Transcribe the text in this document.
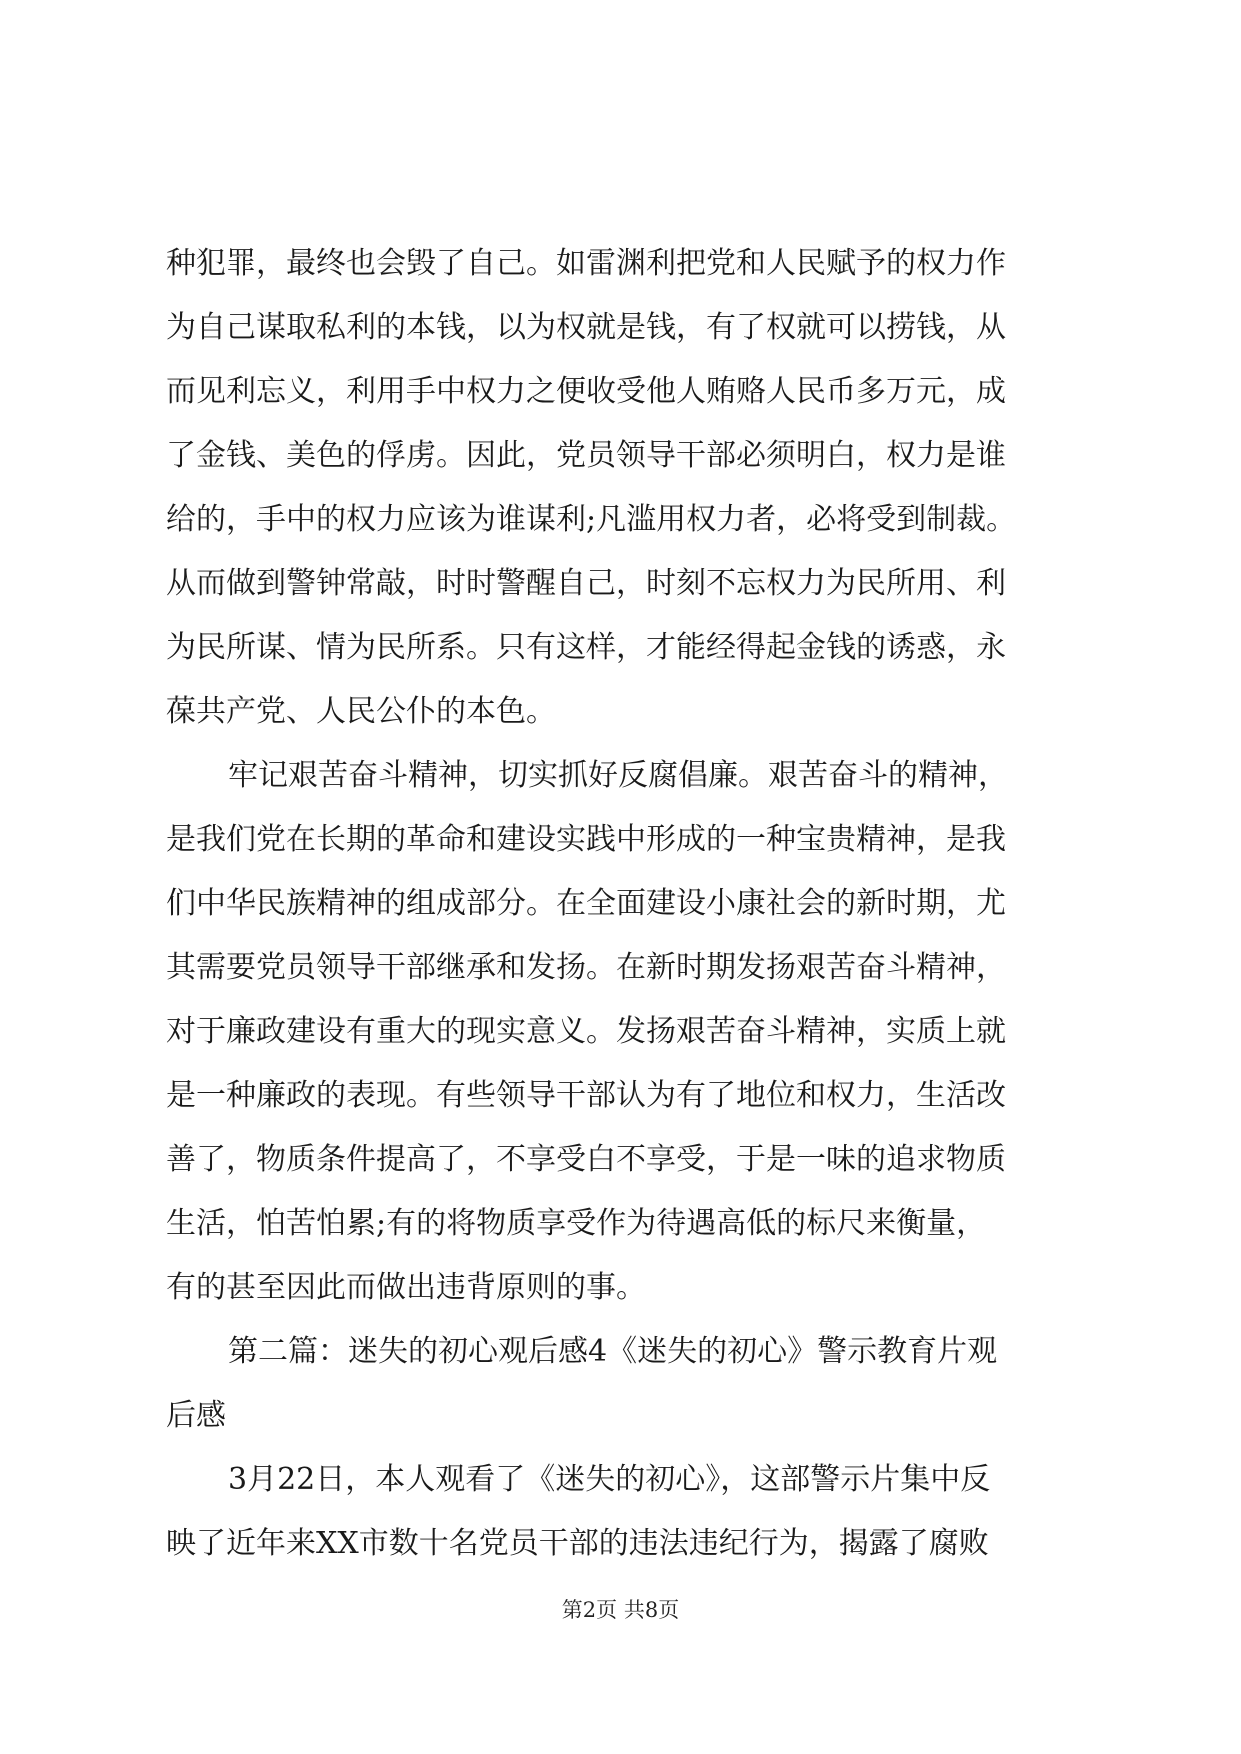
种犯罪，最终也会毁了自己。如雷渊利把党和人民赋予的权力作
为自己谋取私利的本钱，以为权就是钱，有了权就可以捞钱，从
而见利忘义，利用手中权力之便收受他人贿赂人民币多万元，成
了金钱、美色的俘虏。因此，党员领导干部必须明白，权力是谁
给的，手中的权力应该为谁谋利;凡滥用权力者，必将受到制裁。
从而做到警钟常敲，时时警醒自己，时刻不忘权力为民所用、利
为民所谋、情为民所系。只有这样，才能经得起金钱的诱惑，永
葆共产党、人民公仆的本色。
牢记艰苦奋斗精神，切实抓好反腐倡廉。艰苦奋斗的精神，
是我们党在长期的革命和建设实践中形成的一种宝贵精神，是我
们中华民族精神的组成部分。在全面建设小康社会的新时期，尤
其需要党员领导干部继承和发扬。在新时期发扬艰苦奋斗精神，
对于廉政建设有重大的现实意义。发扬艰苦奋斗精神，实质上就
是一种廉政的表现。有些领导干部认为有了地位和权力，生活改
善了，物质条件提高了，不享受白不享受，于是一味的追求物质
生活，怕苦怕累;有的将物质享受作为待遇高低的标尺来衡量，
有的甚至因此而做出违背原则的事。
第二篇：迷失的初心观后感4《迷失的初心》警示教育片观
后感
3月22日，本人观看了《迷失的初心》，这部警示片集中反
映了近年来XX市数十名党员干部的违法违纪行为，揭露了腐败
第2页 共8页
